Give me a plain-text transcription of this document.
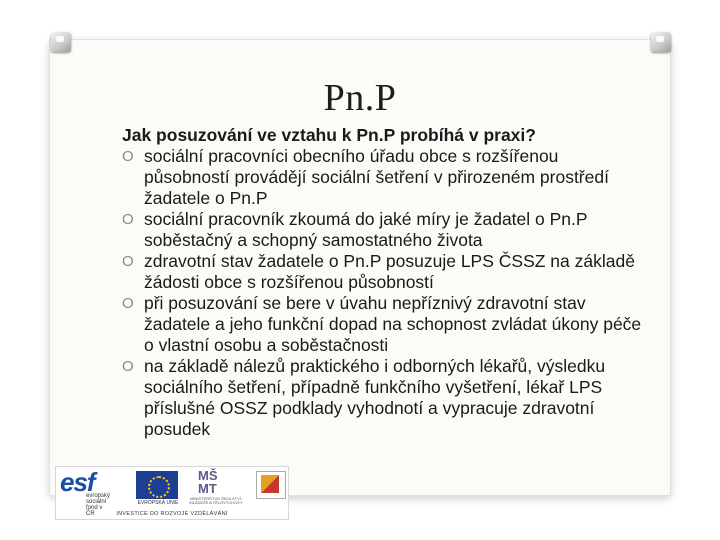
Pn.P
Jak posuzování ve vztahu k Pn.P probíhá v praxi?
O sociální pracovníci obecního úřadu obce s rozšířenou působností provádějí sociální šetření v přirozeném prostředí žadatele o Pn.P
O sociální pracovník zkoumá do jaké míry je žadatel o Pn.P soběstačný a schopný samostatného života
O zdravotní stav žadatele o Pn.P posuzuje LPS ČSSZ na základě žádosti obce s rozšířenou působností
O při posuzování se bere v úvahu nepříznivý zdravotní stav žadatele a jeho funkční dopad na schopnost zvládat úkony péče o vlastní osobu a soběstačnosti
O na základě nálezů praktického i odborných lékařů, výsledku sociálního šetření, případně funkčního vyšetření, lékař LPS příslušné OSSZ podklady vyhodnotí a vypracuje zdravotní posudek
esf
evropský
sociální
fond v ČR
EVROPSKÁ UNIE
MŠ
MT
MINISTERSTVO ŠKOLSTVÍ, MLÁDEŽE A TĚLOVÝCHOVY
INVESTICE DO ROZVOJE VZDĚLÁVÁNÍ
